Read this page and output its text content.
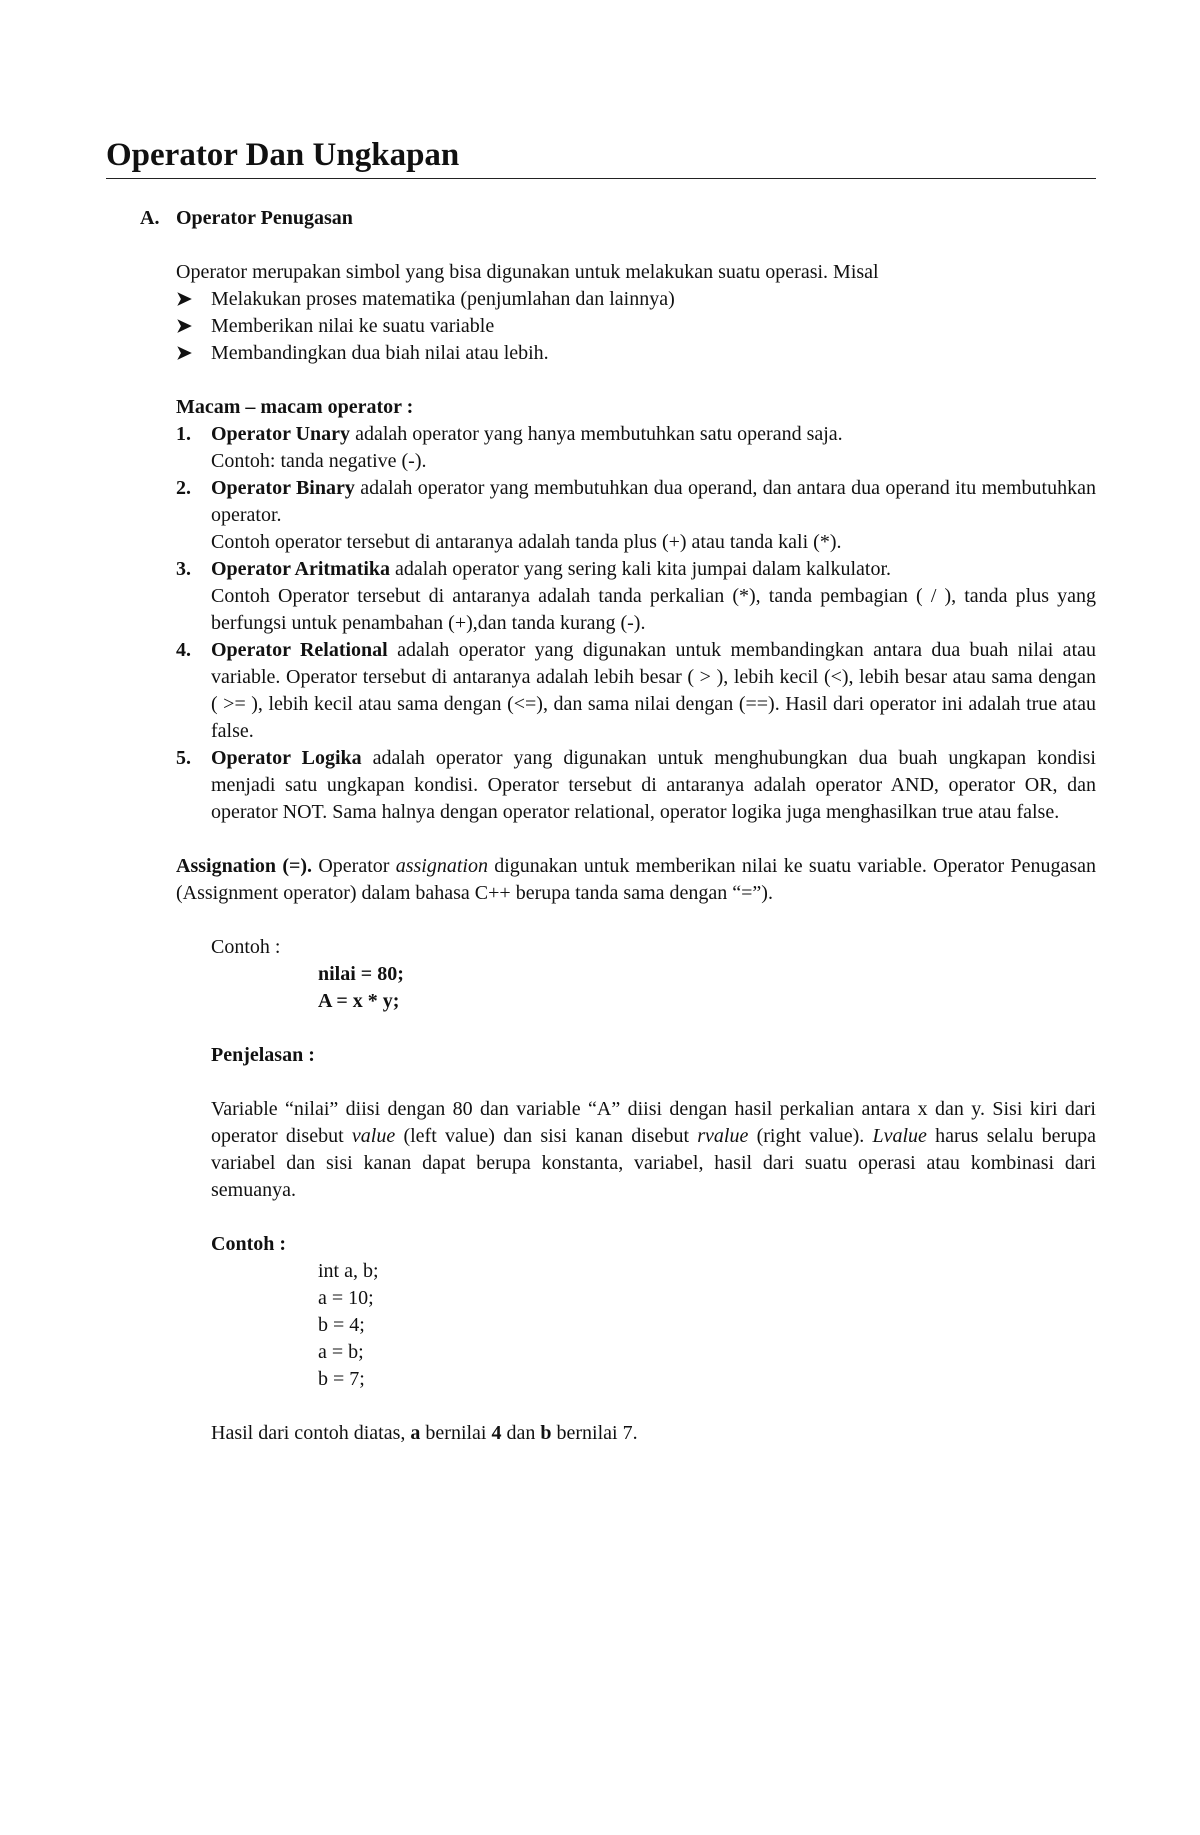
Operator Dan Ungkapan
A. Operator Penugasan
Operator merupakan simbol yang bisa digunakan untuk melakukan suatu operasi. Misal
➤ Melakukan proses matematika (penjumlahan dan lainnya)
➤ Memberikan nilai ke suatu variable
➤ Membandingkan dua biah nilai atau lebih.
Macam – macam operator :
1.	Operator Unary adalah operator yang hanya membutuhkan satu operand saja.
Contoh: tanda negative (-).
2.	Operator Binary adalah operator yang membutuhkan dua operand, dan antara dua operand itu membutuhkan operator.
Contoh operator tersebut di antaranya adalah tanda plus (+) atau tanda kali (*).
3.	Operator Aritmatika adalah operator yang sering kali kita jumpai dalam kalkulator.
Contoh Operator tersebut di antaranya adalah tanda perkalian (*), tanda pembagian ( / ), tanda plus yang berfungsi untuk penambahan (+),dan tanda kurang (-).
4.	Operator Relational adalah operator yang digunakan untuk membandingkan antara dua buah nilai atau variable. Operator tersebut di antaranya adalah lebih besar ( > ), lebih kecil (<), lebih besar atau sama dengan ( >= ), lebih kecil atau sama dengan (<=), dan sama nilai dengan (==). Hasil dari operator ini adalah true atau false.
5.	Operator Logika adalah operator yang digunakan untuk menghubungkan dua buah ungkapan kondisi menjadi satu ungkapan kondisi. Operator tersebut di antaranya adalah operator AND, operator OR, dan operator NOT. Sama halnya dengan operator relational, operator logika juga menghasilkan true atau false.
Assignation (=). Operator assignation digunakan untuk memberikan nilai ke suatu variable. Operator Penugasan (Assignment operator) dalam bahasa C++ berupa tanda sama dengan “=”).
Contoh :
nilai = 80;
A = x * y;
Penjelasan :
Variable “nilai” diisi dengan 80 dan variable “A” diisi dengan hasil perkalian antara x dan y. Sisi kiri dari operator disebut value (left value) dan sisi kanan disebut rvalue (right value). Lvalue harus selalu berupa variabel dan sisi kanan dapat berupa konstanta, variabel, hasil dari suatu operasi atau kombinasi dari semuanya.
Contoh :
int a, b;
a = 10;
b = 4;
a = b;
b = 7;
Hasil dari contoh diatas, a bernilai 4 dan b bernilai 7.
